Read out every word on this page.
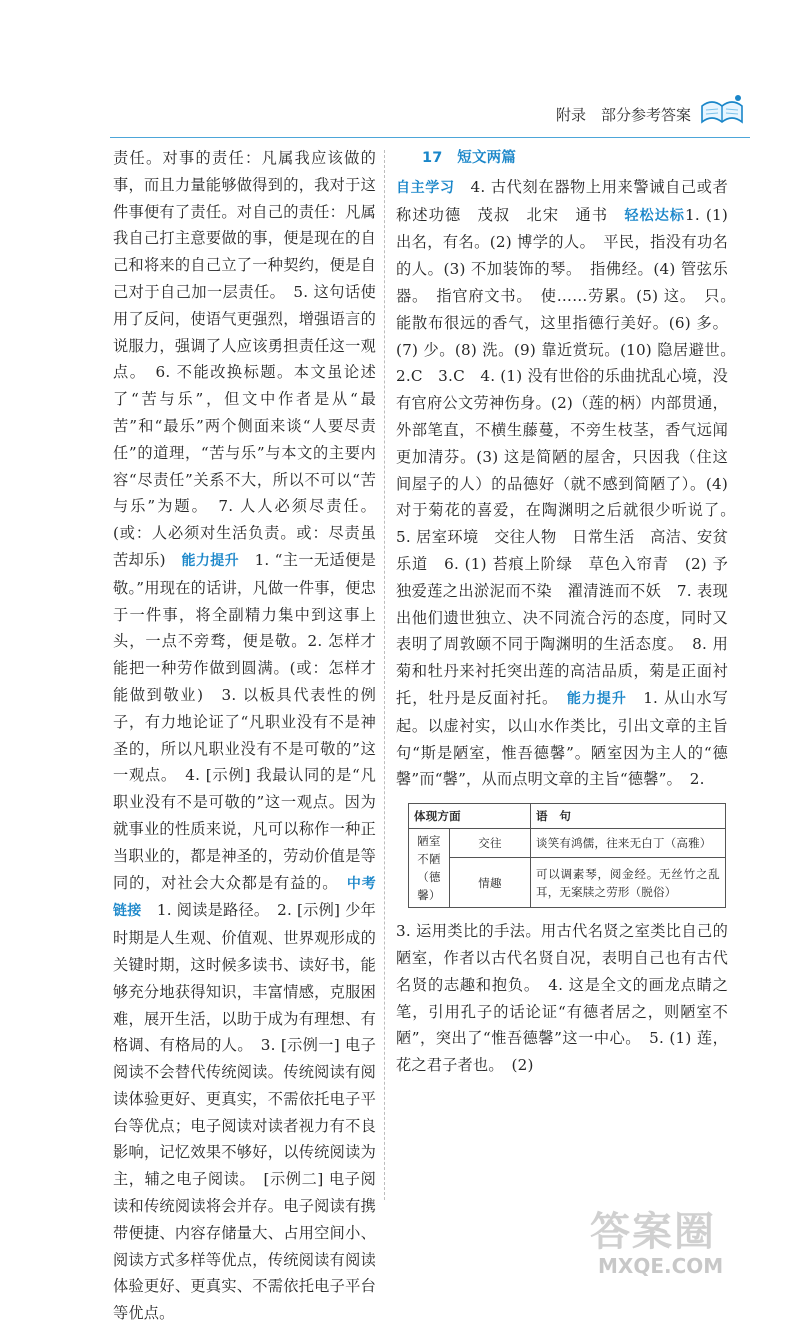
附录　部分参考答案
责任。对事的责任：凡属我应该做的事，而且力量能够做得到的，我对于这件事便有了责任。对自己的责任：凡属我自己打主意要做的事，便是现在的自己和将来的自己立了一种契约，便是自己对于自己加一层责任。　5. 这句话使用了反问，使语气更强烈，增强语言的说服力，强调了人应该勇担责任这一观点。　6. 不能改换标题。本文虽论述了“苦与乐”，但文中作者是从“最苦”和“最乐”两个侧面来谈“人要尽责任”的道理，“苦与乐”与本文的主要内容“尽责任”关系不大，所以不可以“苦与乐”为题。　7. 人人必须尽责任。(或：人必须对生活负责。或：尽责虽苦却乐)　能力提升　1. “主一无适便是敬。”用现在的话讲，凡做一件事，便忠于一件事，将全副精力集中到这事上头，一点不旁骛，便是敬。2. 怎样才能把一种劳作做到圆满。(或：怎样才能做到敬业)　3. 以板具代表性的例子，有力地论证了“凡职业没有不是神圣的，所以凡职业没有不是可敬的”这一观点。　4. [示例] 我最认同的是“凡职业没有不是可敬的”这一观点。因为就事业的性质来说，凡可以称作一种正当职业的，都是神圣的，劳动价值是等同的，对社会大众都是有益的。　中考链接　1. 阅读是路径。　2. [示例] 少年时期是人生观、价值观、世界观形成的关键时期，这时候多读书、读好书，能够充分地获得知识，丰富情感，克服困难，展开生活，以助于成为有理想、有格调、有格局的人。　3. [示例一] 电子阅读不会替代传统阅读。传统阅读有阅读体验更好、更真实，不需依托电子平台等优点；电子阅读对读者视力有不良影响，记忆效果不够好，以传统阅读为主，辅之电子阅读。　[示例二] 电子阅读和传统阅读将会并存。电子阅读有携带便捷、内容存储量大、占用空间小、阅读方式多样等优点，传统阅读有阅读体验更好、更真实、不需依托电子平台等优点。
17　短文两篇
自主学习　4. 古代刻在器物上用来警诫自己或者称述功德　茂叔　北宋　通书　轻松达标1. (1) 出名，有名。(2) 博学的人。　平民，指没有功名的人。(3) 不加装饰的琴。　指佛经。(4) 管弦乐器。　指官府文书。　使……劳累。(5) 这。　只。　能散布很远的香气，这里指德行美好。(6) 多。(7) 少。(8) 洗。(9) 靠近赏玩。(10) 隐居避世。　2.C　3.C　4. (1) 没有世俗的乐曲扰乱心境，没有官府公文劳神伤身。(2)（莲的柄）内部贯通，外部笔直，不横生藤蔓，不旁生枝茎，香气远闻更加清芬。(3) 这是简陋的屋舍，只因我（住这间屋子的人）的品德好（就不感到简陋了）。(4) 对于菊花的喜爱，在陶渊明之后就很少听说了。　5. 居室环境　交往人物　日常生活　高洁、安贫乐道　6. (1) 苔痕上阶绿　草色入帘青　(2) 予独爱莲之出淤泥而不染　濯清涟而不妖　7. 表现出他们遗世独立、决不同流合污的态度，同时又表明了周敦颐不同于陶渊明的生活态度。　8. 用菊和牡丹来衬托突出莲的高洁品质，菊是正面衬托，牡丹是反面衬托。　能力提升　1. 从山水写起。以虚衬实，以山水作类比，引出文章的主旨句“斯是陋室，惟吾德馨”。陋室因为主人的“德馨”而“馨”，从而点明文章的主旨“德馨”。　2.
体现方面		语　句
陋室不陋（德馨）	交往	谈笑有鸿儒，往来无白丁（高雅）
	情趣	可以调素琴，阅金经。无丝竹之乱耳，无案牍之劳形（脱俗）
3. 运用类比的手法。用古代名贤之室类比自己的陋室，作者以古代名贤自况，表明自己也有古代名贤的志趣和抱负。　4. 这是全文的画龙点睛之笔，引用孔子的话论证“有德者居之，则陋室不陋”，突出了“惟吾德馨”这一中心。　5. (1) 莲，花之君子者也。　(2)
答案圈
MXQE.COM
